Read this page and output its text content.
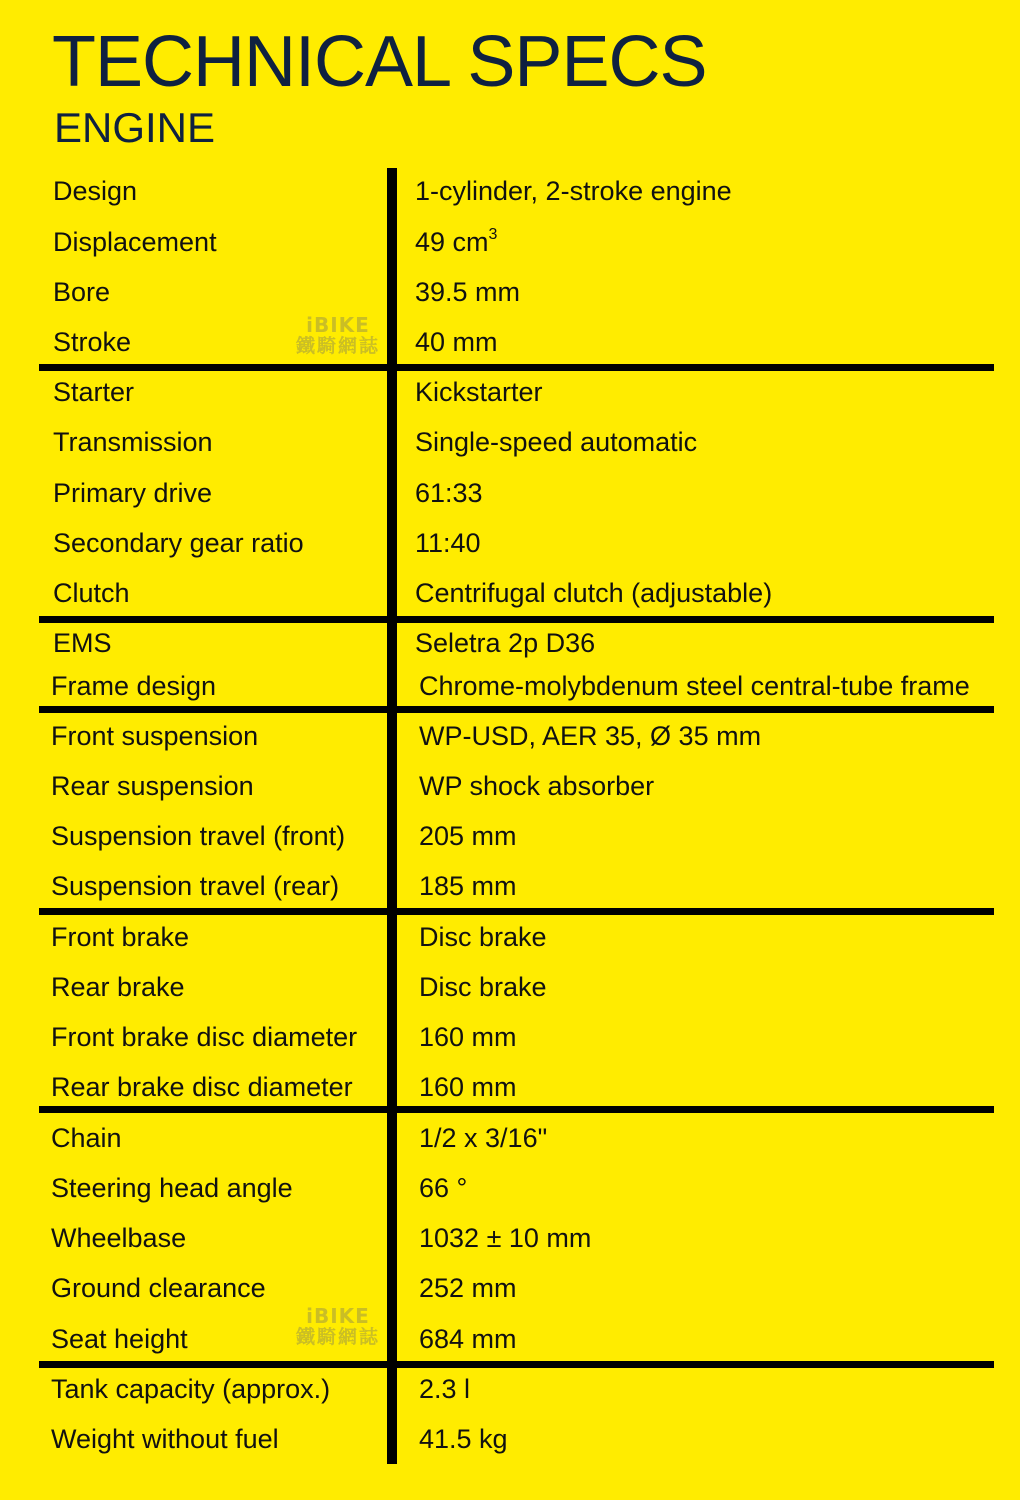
TECHNICAL SPECS
ENGINE
Design	1-cylinder, 2-stroke engine
Displacement	49 $cm^3$
Bore	39.5 mm
Stroke	40 mm
Starter	Kickstarter
Transmission	Single-speed automatic
Primary drive	61:33
Secondary gear ratio	11:40
Clutch	Centrifugal clutch (adjustable)
EMS	Seletra 2p D36
Frame design	Chrome-molybdenum steel central-tube frame
Front suspension	WP-USD, AER 35, Ø 35 mm
Rear suspension	WP shock absorber
Suspension travel (front)	205 mm
Suspension travel (rear)	185 mm
Front brake	Disc brake
Rear brake	Disc brake
Front brake disc diameter 160 mm
Rear brake disc diameter 160 mm
Chain	1/2 x 3/16"
Steering head angle	66 °
Wheelbase	1032 ± 10 mm
Ground clearance	252 mm
Seat height	684 mm
Tank capacity (approx.)	2.3 l
Weight without fuel	41.5 kg
iBIKE
鐵騎網誌
iBIKE
鐵騎網誌
